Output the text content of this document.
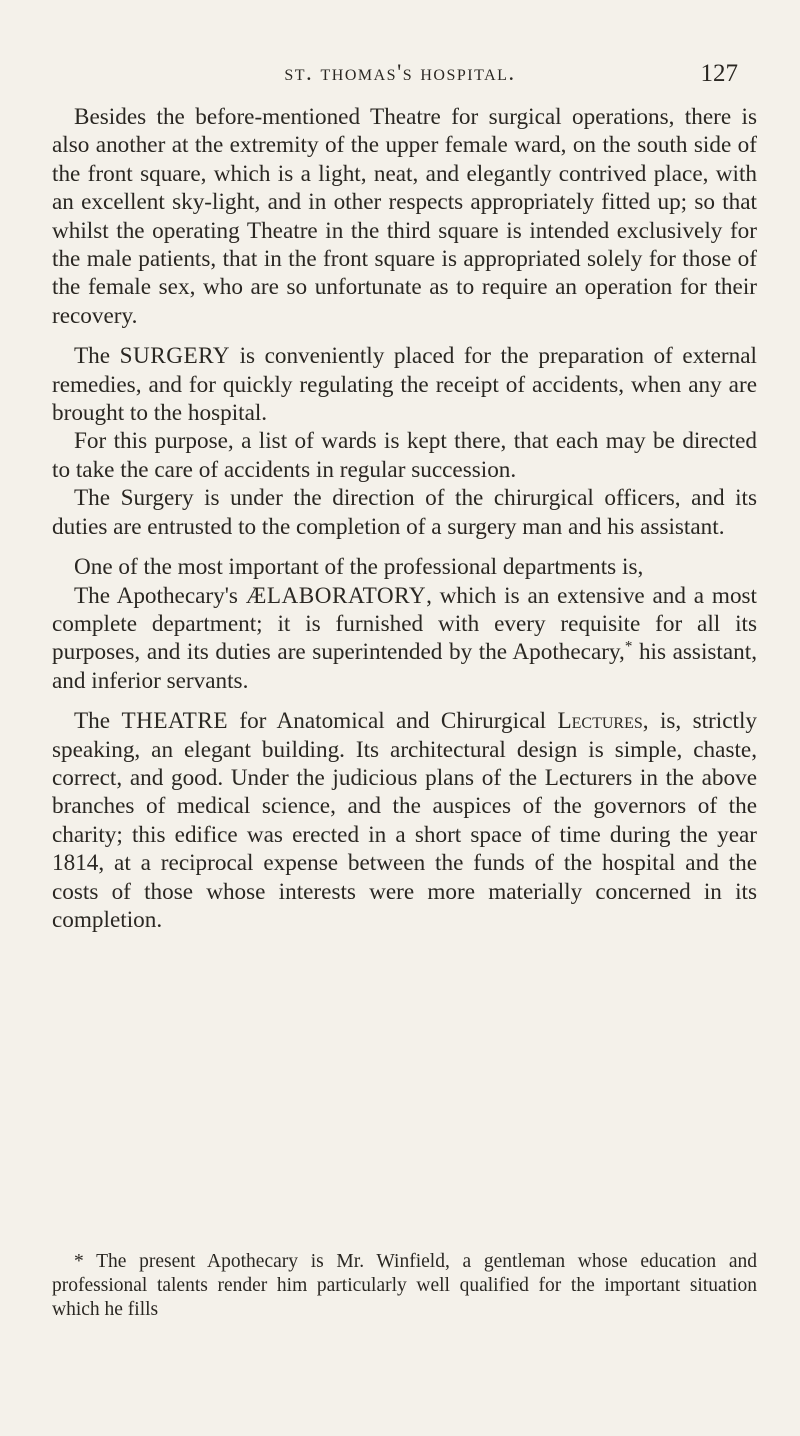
st. thomas's hospital.	127

Besides the before-mentioned Theatre for surgical operations, there is also another at the extremity of the upper female ward, on the south side of the front square, which is a light, neat, and elegantly contrived place, with an excellent sky-light, and in other respects appropriately fitted up; so that whilst the operating Theatre in the third square is intended exclusively for the male patients, that in the front square is appropriated solely for those of the female sex, who are so unfortunate as to require an operation for their recovery.

The SURGERY is conveniently placed for the preparation of external remedies, and for quickly regulating the receipt of accidents, when any are brought to the hospital.

For this purpose, a list of wards is kept there, that each may be directed to take the care of accidents in regular succession.

The Surgery is under the direction of the chirurgical officers, and its duties are entrusted to the completion of a surgery man and his assistant.

One of the most important of the professional departments is,

The Apothecary's ÆLABORATORY, which is an extensive and a most complete department; it is furnished with every requisite for all its purposes, and its duties are superintended by the Apothecary,* his assistant, and inferior servants.

The THEATRE for Anatomical and Chirurgical Lectures, is, strictly speaking, an elegant building. Its architectural design is simple, chaste, correct, and good. Under the judicious plans of the Lecturers in the above branches of medical science, and the auspices of the governors of the charity; this edifice was erected in a short space of time during the year 1814, at a reciprocal expense between the funds of the hospital and the costs of those whose interests were more materially concerned in its completion.

* The present Apothecary is Mr. Winfield, a gentleman whose education and professional talents render him particularly well qualified for the important situation which he fills
